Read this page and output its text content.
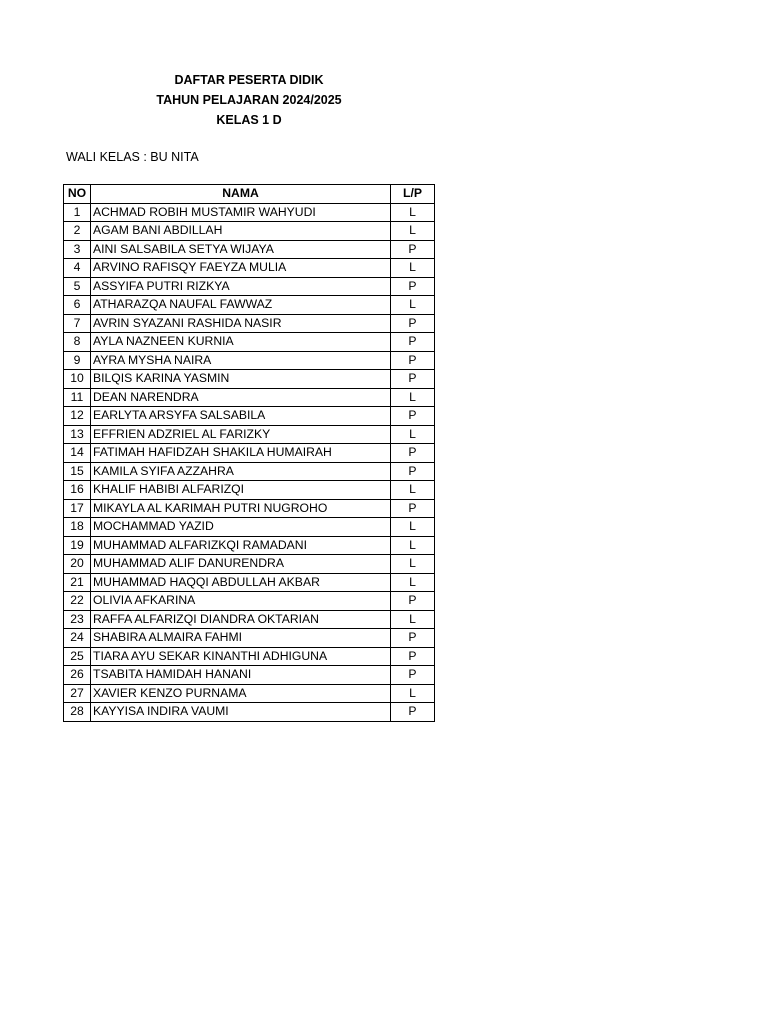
DAFTAR PESERTA DIDIK
TAHUN PELAJARAN 2024/2025
KELAS 1 D
WALI KELAS : BU NITA
NO	NAMA	L/P
1	ACHMAD ROBIH MUSTAMIR WAHYUDI	L
2	AGAM BANI ABDILLAH	L
3	AINI SALSABILA SETYA WIJAYA	P
4	ARVINO RAFISQY FAEYZA MULIA	L
5	ASSYIFA PUTRI RIZKYA	P
6	ATHARAZQA NAUFAL FAWWAZ	L
7	AVRIN SYAZANI RASHIDA NASIR	P
8	AYLA NAZNEEN KURNIA	P
9	AYRA MYSHA NAIRA	P
10	BILQIS KARINA YASMIN	P
11	DEAN NARENDRA	L
12	EARLYTA ARSYFA SALSABILA	P
13	EFFRIEN ADZRIEL AL FARIZKY	L
14	FATIMAH HAFIDZAH SHAKILA HUMAIRAH	P
15	KAMILA SYIFA AZZAHRA	P
16	KHALIF HABIBI ALFARIZQI	L
17	MIKAYLA AL KARIMAH PUTRI NUGROHO	P
18	MOCHAMMAD YAZID	L
19	MUHAMMAD ALFARIZKQI RAMADANI	L
20	MUHAMMAD ALIF DANURENDRA	L
21	MUHAMMAD HAQQI ABDULLAH AKBAR	L
22	OLIVIA AFKARINA	P
23	RAFFA ALFARIZQI DIANDRA OKTARIAN	L
24	SHABIRA ALMAIRA FAHMI	P
25	TIARA AYU SEKAR KINANTHI ADHIGUNA	P
26	TSABITA HAMIDAH HANANI	P
27	XAVIER KENZO PURNAMA	L
28	KAYYISA INDIRA VAUMI	P
